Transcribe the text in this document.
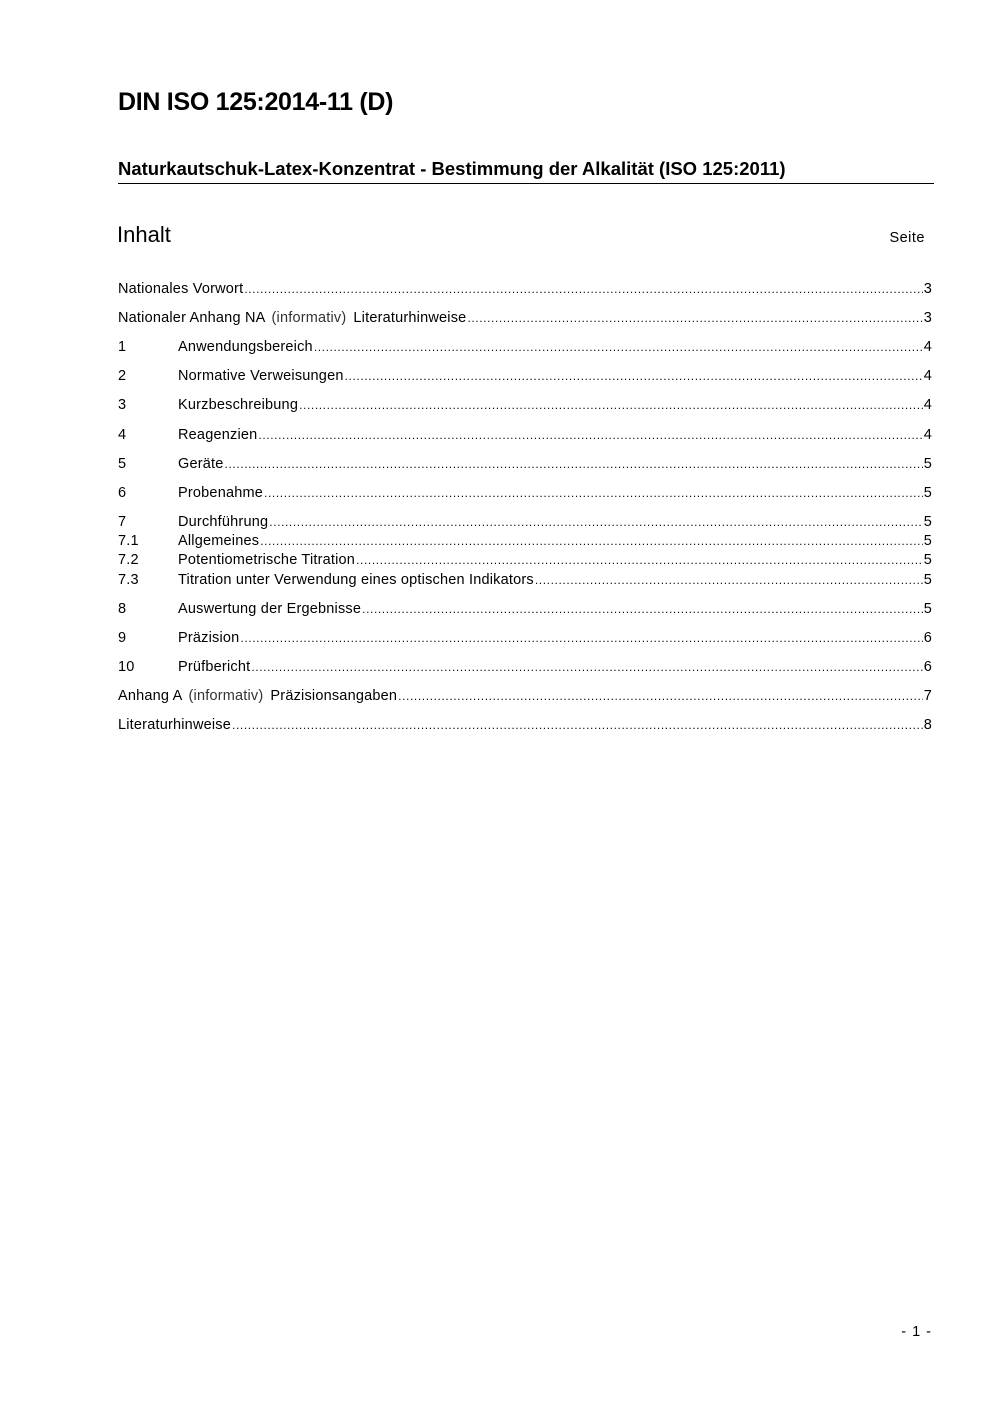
DIN ISO 125:2014-11 (D)
Naturkautschuk-Latex-Konzentrat - Bestimmung der Alkalität (ISO 125:2011)
Inhalt	Seite
Nationales Vorwort .....	3
Nationaler Anhang NA (informativ) Literaturhinweise .....	3
1	Anwendungsbereich .....	4
2	Normative Verweisungen .....	4
3	Kurzbeschreibung .....	4
4	Reagenzien .....	4
5	Geräte .....	5
6	Probenahme .....	5
7	Durchführung .....	5
7.1	Allgemeines .....	5
7.2	Potentiometrische Titration .....	5
7.3	Titration unter Verwendung eines optischen Indikators .....	5
8	Auswertung der Ergebnisse .....	5
9	Präzision .....	6
10	Prüfbericht .....	6
Anhang A (informativ) Präzisionsangaben .....	7
Literaturhinweise .....	8
- 1 -
